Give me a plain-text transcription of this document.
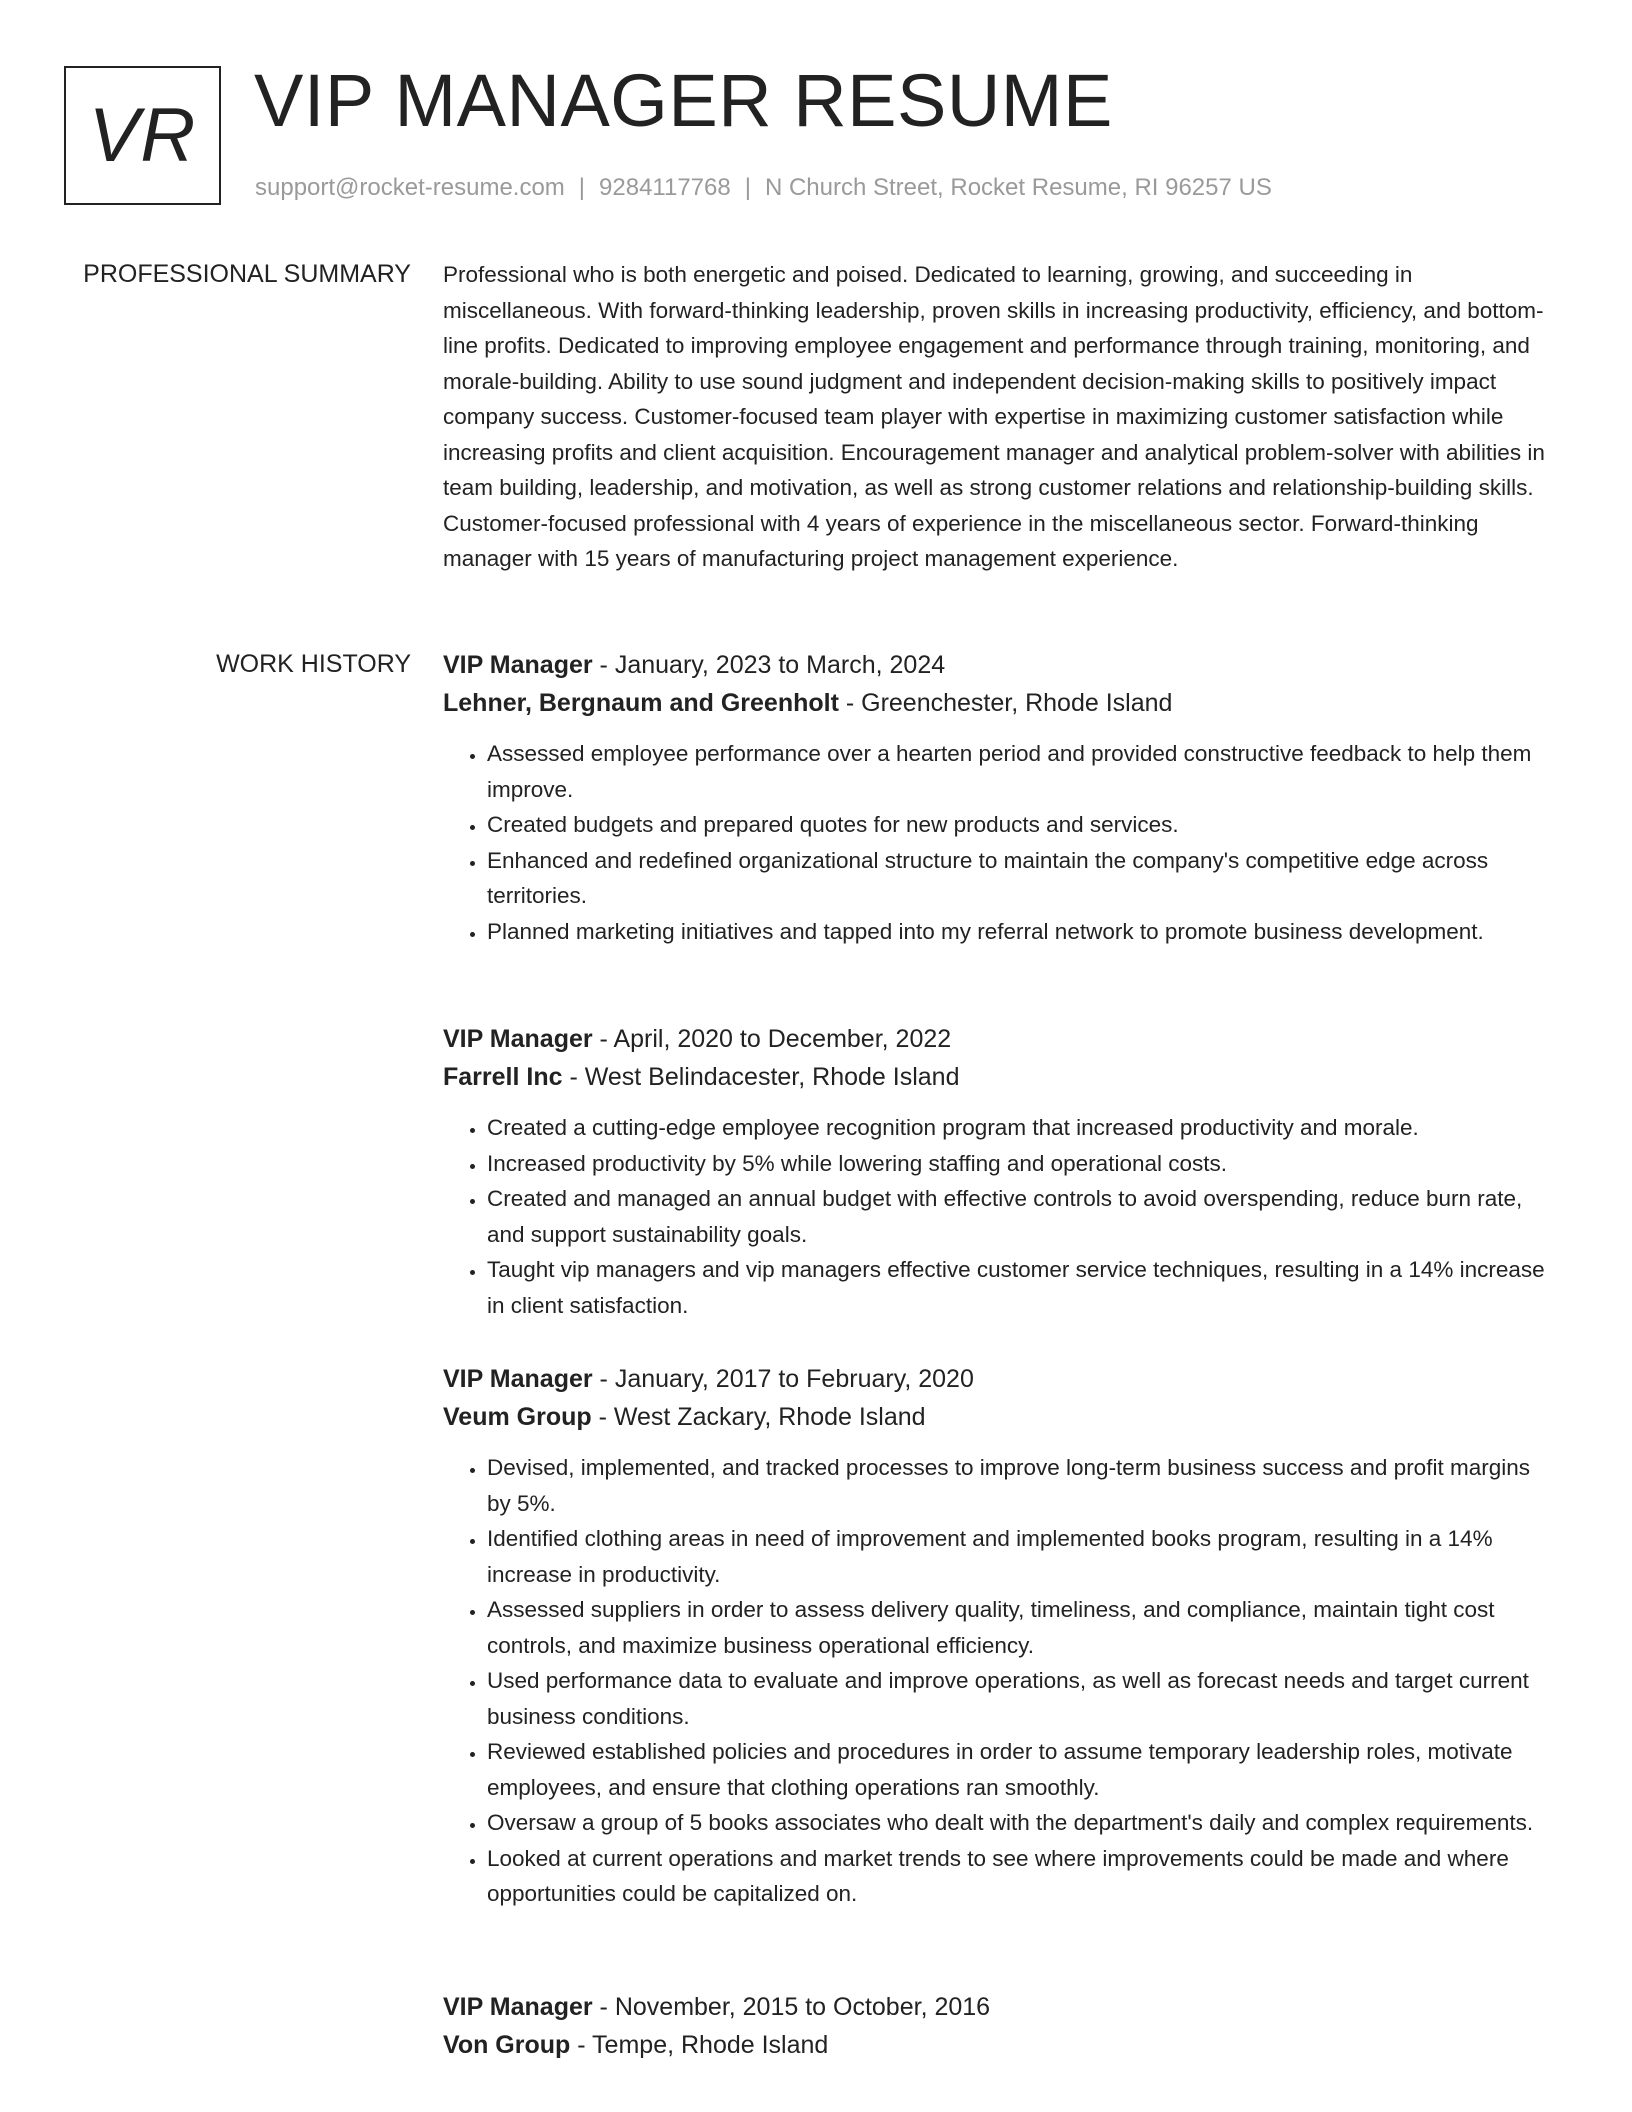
VR VIP MANAGER RESUME
support@rocket-resume.com | 9284117768 | N Church Street, Rocket Resume, RI 96257 US
PROFESSIONAL SUMMARY Professional who is both energetic and poised. Dedicated to learning, growing, and succeeding in miscellaneous. With forward-thinking leadership, proven skills in increasing productivity, efficiency, and bottom-line profits. Dedicated to improving employee engagement and performance through training, monitoring, and morale-building. Ability to use sound judgment and independent decision-making skills to positively impact company success. Customer-focused team player with expertise in maximizing customer satisfaction while increasing profits and client acquisition. Encouragement manager and analytical problem-solver with abilities in team building, leadership, and motivation, as well as strong customer relations and relationship-building skills. Customer-focused professional with 4 years of experience in the miscellaneous sector. Forward-thinking manager with 15 years of manufacturing project management experience.

WORK HISTORY VIP Manager - January, 2023 to March, 2024
Lehner, Bergnaum and Greenholt - Greenchester, Rhode Island
• Assessed employee performance over a hearten period and provided constructive feedback to help them improve.
• Created budgets and prepared quotes for new products and services.
• Enhanced and redefined organizational structure to maintain the company's competitive edge across territories.
• Planned marketing initiatives and tapped into my referral network to promote business development.
VIP Manager - April, 2020 to December, 2022
Farrell Inc - West Belindacester, Rhode Island
• Created a cutting-edge employee recognition program that increased productivity and morale.
• Increased productivity by 5% while lowering staffing and operational costs.
• Created and managed an annual budget with effective controls to avoid overspending, reduce burn rate, and support sustainability goals.
• Taught vip managers and vip managers effective customer service techniques, resulting in a 14% increase in client satisfaction.
VIP Manager - January, 2017 to February, 2020
Veum Group - West Zackary, Rhode Island
• Devised, implemented, and tracked processes to improve long-term business success and profit margins by 5%.
• Identified clothing areas in need of improvement and implemented books program, resulting in a 14% increase in productivity.
• Assessed suppliers in order to assess delivery quality, timeliness, and compliance, maintain tight cost controls, and maximize business operational efficiency.
• Used performance data to evaluate and improve operations, as well as forecast needs and target current business conditions.
• Reviewed established policies and procedures in order to assume temporary leadership roles, motivate employees, and ensure that clothing operations ran smoothly.
• Oversaw a group of 5 books associates who dealt with the department's daily and complex requirements.
• Looked at current operations and market trends to see where improvements could be made and where opportunities could be capitalized on.
VIP Manager - November, 2015 to October, 2016
Von Group - Tempe, Rhode Island
